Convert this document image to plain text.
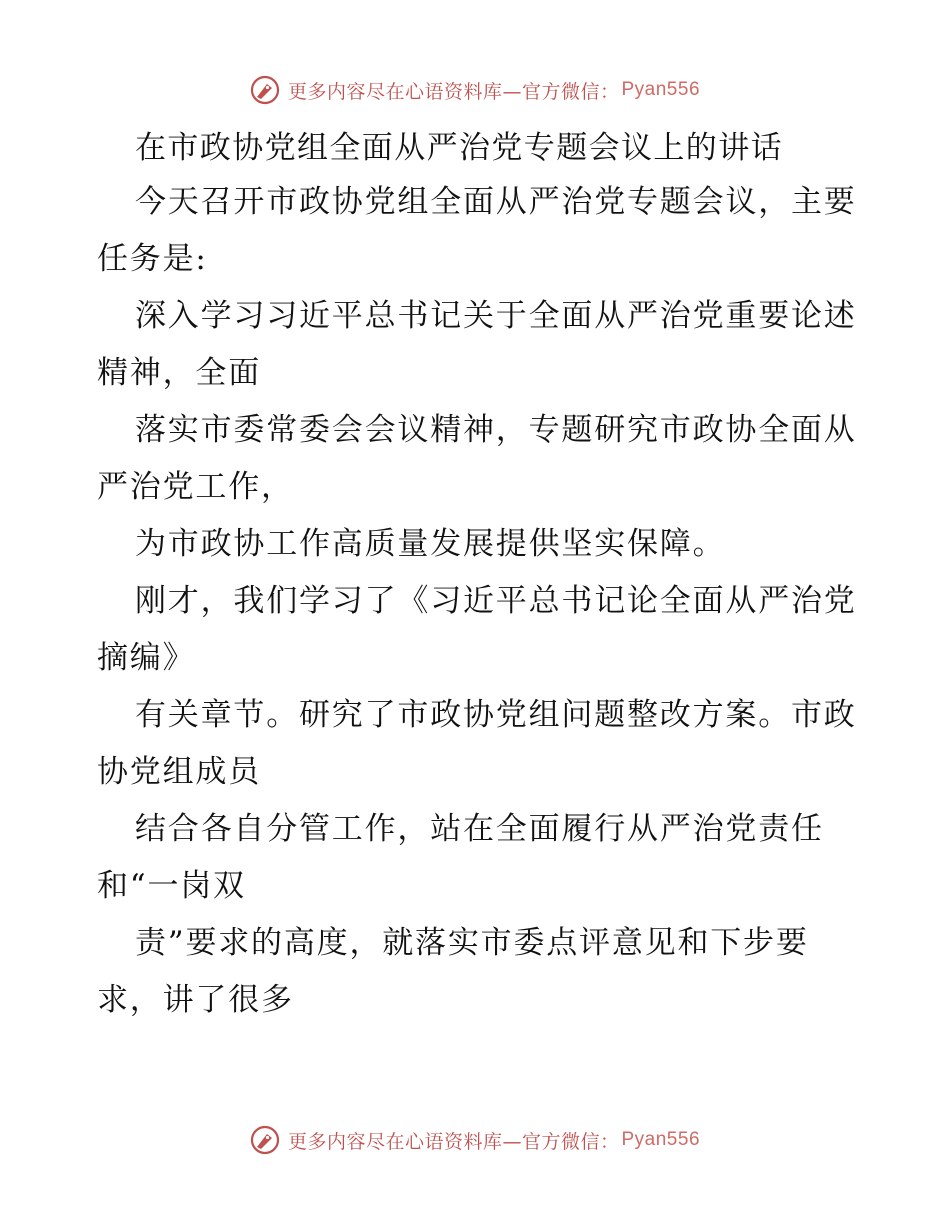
更多内容尽在心语资料库—官方微信： Pyan556
在市政协党组全面从严治党专题会议上的讲话

今天召开市政协党组全面从严治党专题会议，主要任务是:

深入学习习近平总书记关于全面从严治党重要论述精神，全面

落实市委常委会会议精神，专题研究市政协全面从严治党工作，

为市政协工作高质量发展提供坚实保障。

刚才，我们学习了《习近平总书记论全面从严治党摘编》

有关章节。研究了市政协党组问题整改方案。市政协党组成员

结合各自分管工作，站在全面履行从严治党责任和“一岗双

责”要求的高度，就落实市委点评意见和下步要求，讲了很多

更多内容尽在心语资料库—官方微信： Pyan556
